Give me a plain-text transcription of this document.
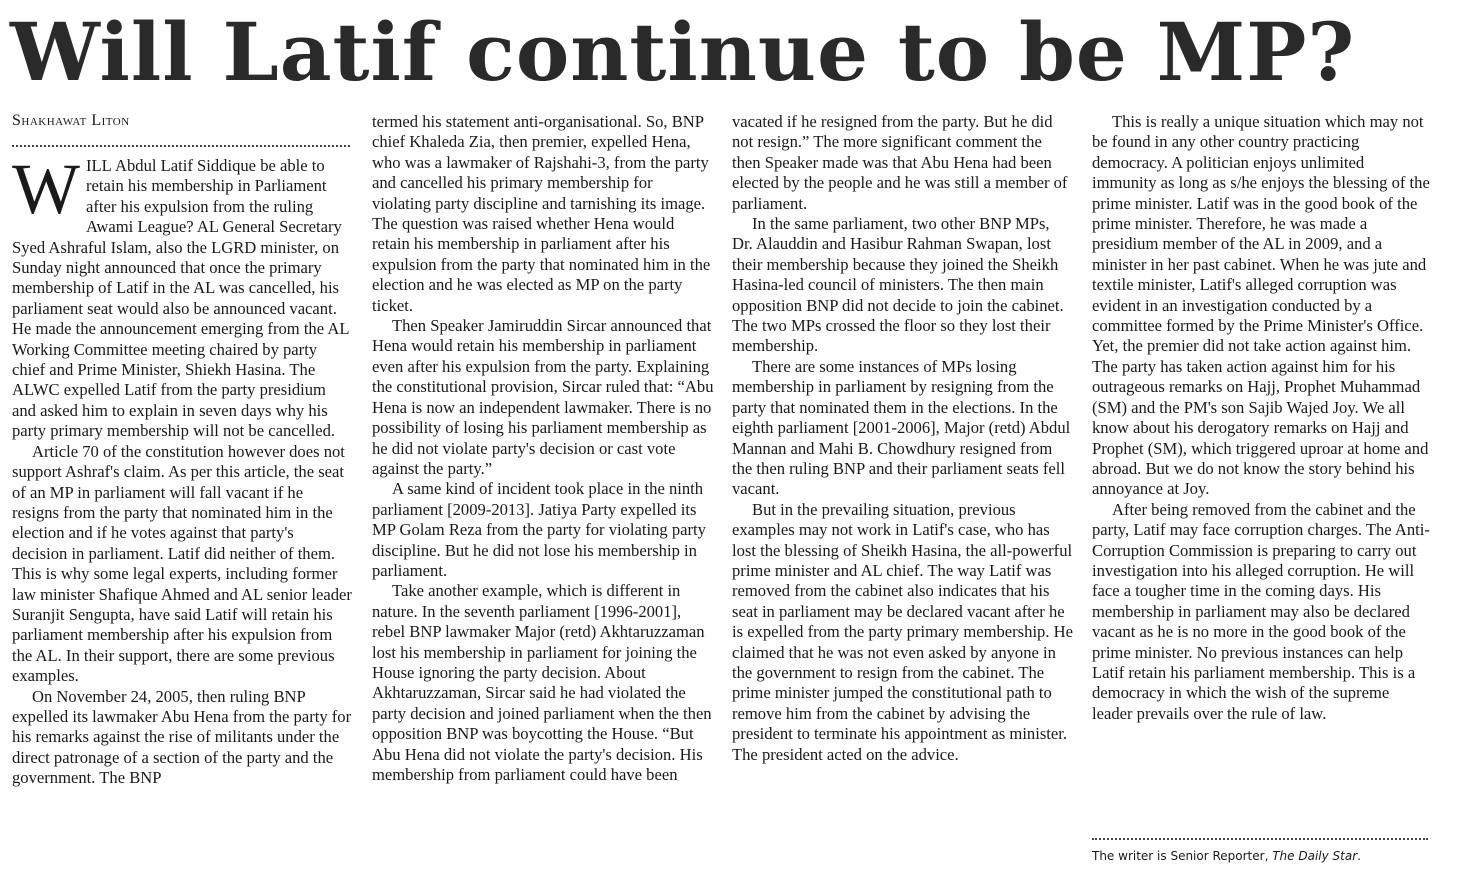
Will Latif continue to be MP?
Shakhawat Liton

WILL Abdul Latif Siddique be able to retain his membership in Parliament after his expulsion from the ruling Awami League? AL General Secretary Syed Ashraful Islam, also the LGRD minister, on Sunday night announced that once the primary membership of Latif in the AL was cancelled, his parliament seat would also be announced vacant. He made the announcement emerging from the AL Working Committee meeting chaired by party chief and Prime Minister, Shiekh Hasina. The ALWC expelled Latif from the party presidium and asked him to explain in seven days why his party primary membership will not be cancelled.

Article 70 of the constitution however does not support Ashraf's claim. As per this article, the seat of an MP in parliament will fall vacant if he resigns from the party that nominated him in the election and if he votes against that party's decision in parliament. Latif did neither of them. This is why some legal experts, including former law minister Shafique Ahmed and AL senior leader Suranjit Sengupta, have said Latif will retain his parliament membership after his expulsion from the AL. In their support, there are some previous examples.

On November 24, 2005, then ruling BNP expelled its lawmaker Abu Hena from the party for his remarks against the rise of militants under the direct patronage of a section of the party and the government. The BNP

termed his statement anti-organisational. So, BNP chief Khaleda Zia, then premier, expelled Hena, who was a lawmaker of Rajshahi-3, from the party and cancelled his primary membership for violating party discipline and tarnishing its image. The question was raised whether Hena would retain his membership in parliament after his expulsion from the party that nominated him in the election and he was elected as MP on the party ticket.

Then Speaker Jamiruddin Sircar announced that Hena would retain his membership in parliament even after his expulsion from the party. Explaining the constitutional provision, Sircar ruled that: “Abu Hena is now an independent lawmaker. There is no possibility of losing his parliament membership as he did not violate party's decision or cast vote against the party.”

A same kind of incident took place in the ninth parliament [2009-2013]. Jatiya Party expelled its MP Golam Reza from the party for violating party discipline. But he did not lose his membership in parliament.

Take another example, which is different in nature. In the seventh parliament [1996-2001], rebel BNP lawmaker Major (retd) Akhtaruzzaman lost his membership in parliament for joining the House ignoring the party decision. About Akhtaruzzaman, Sircar said he had violated the party decision and joined parliament when the then opposition BNP was boycotting the House. “But Abu Hena did not violate the party's decision. His membership from parliament could have been

vacated if he resigned from the party. But he did not resign.” The more significant comment the then Speaker made was that Abu Hena had been elected by the people and he was still a member of parliament.

In the same parliament, two other BNP MPs, Dr. Alauddin and Hasibur Rahman Swapan, lost their membership because they joined the Sheikh Hasina-led council of ministers. The then main opposition BNP did not decide to join the cabinet. The two MPs crossed the floor so they lost their membership.

There are some instances of MPs losing membership in parliament by resigning from the party that nominated them in the elections. In the eighth parliament [2001-2006], Major (retd) Abdul Mannan and Mahi B. Chowdhury resigned from the then ruling BNP and their parliament seats fell vacant.

But in the prevailing situation, previous examples may not work in Latif's case, who has lost the blessing of Sheikh Hasina, the all-powerful prime minister and AL chief. The way Latif was removed from the cabinet also indicates that his seat in parliament may be declared vacant after he is expelled from the party primary membership. He claimed that he was not even asked by anyone in the government to resign from the cabinet. The prime minister jumped the constitutional path to remove him from the cabinet by advising the president to terminate his appointment as minister. The president acted on the advice.

This is really a unique situation which may not be found in any other country practicing democracy. A politician enjoys unlimited immunity as long as s/he enjoys the blessing of the prime minister. Latif was in the good book of the prime minister. Therefore, he was made a presidium member of the AL in 2009, and a minister in her past cabinet. When he was jute and textile minister, Latif's alleged corruption was evident in an investigation conducted by a committee formed by the Prime Minister's Office. Yet, the premier did not take action against him. The party has taken action against him for his outrageous remarks on Hajj, Prophet Muhammad (SM) and the PM's son Sajib Wajed Joy. We all know about his derogatory remarks on Hajj and Prophet (SM), which triggered uproar at home and abroad. But we do not know the story behind his annoyance at Joy.

After being removed from the cabinet and the party, Latif may face corruption charges. The Anti-Corruption Commission is preparing to carry out investigation into his alleged corruption. He will face a tougher time in the coming days. His membership in parliament may also be declared vacant as he is no more in the good book of the prime minister. No previous instances can help Latif retain his parliament membership. This is a democracy in which the wish of the supreme leader prevails over the rule of law.

The writer is Senior Reporter, The Daily Star.
